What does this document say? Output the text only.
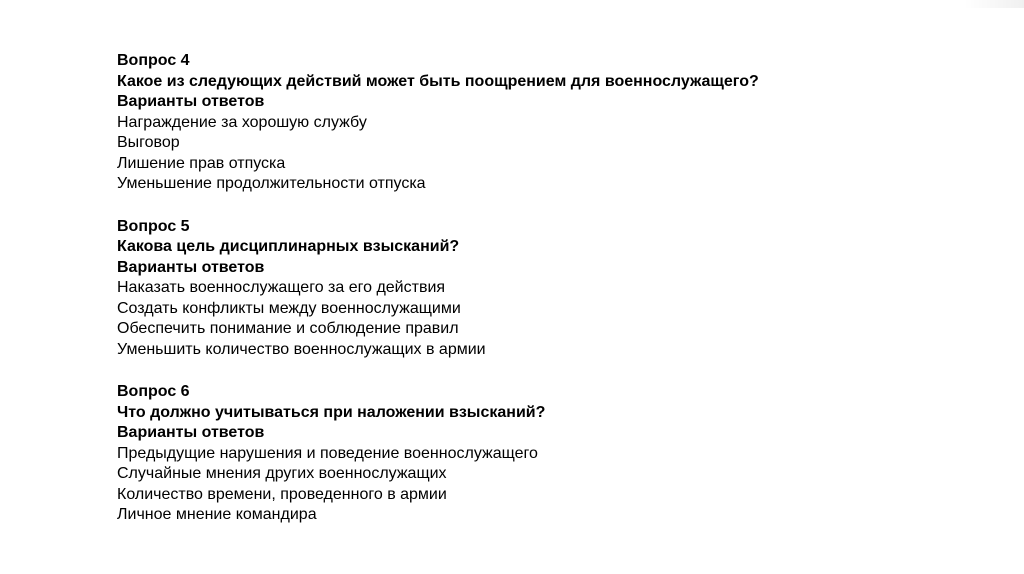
Вопрос 4
Какое из следующих действий может быть поощрением для военнослужащего?
Варианты ответов
Награждение за хорошую службу
Выговор
Лишение прав отпуска
Уменьшение продолжительности отпуска
Вопрос 5
Какова цель дисциплинарных взысканий?
Варианты ответов
Наказать военнослужащего за его действия
Создать конфликты между военнослужащими
Обеспечить понимание и соблюдение правил
Уменьшить количество военнослужащих в армии
Вопрос 6
Что должно учитываться при наложении взысканий?
Варианты ответов
Предыдущие нарушения и поведение военнослужащего
Случайные мнения других военнослужащих
Количество времени, проведенного в армии
Личное мнение командира
